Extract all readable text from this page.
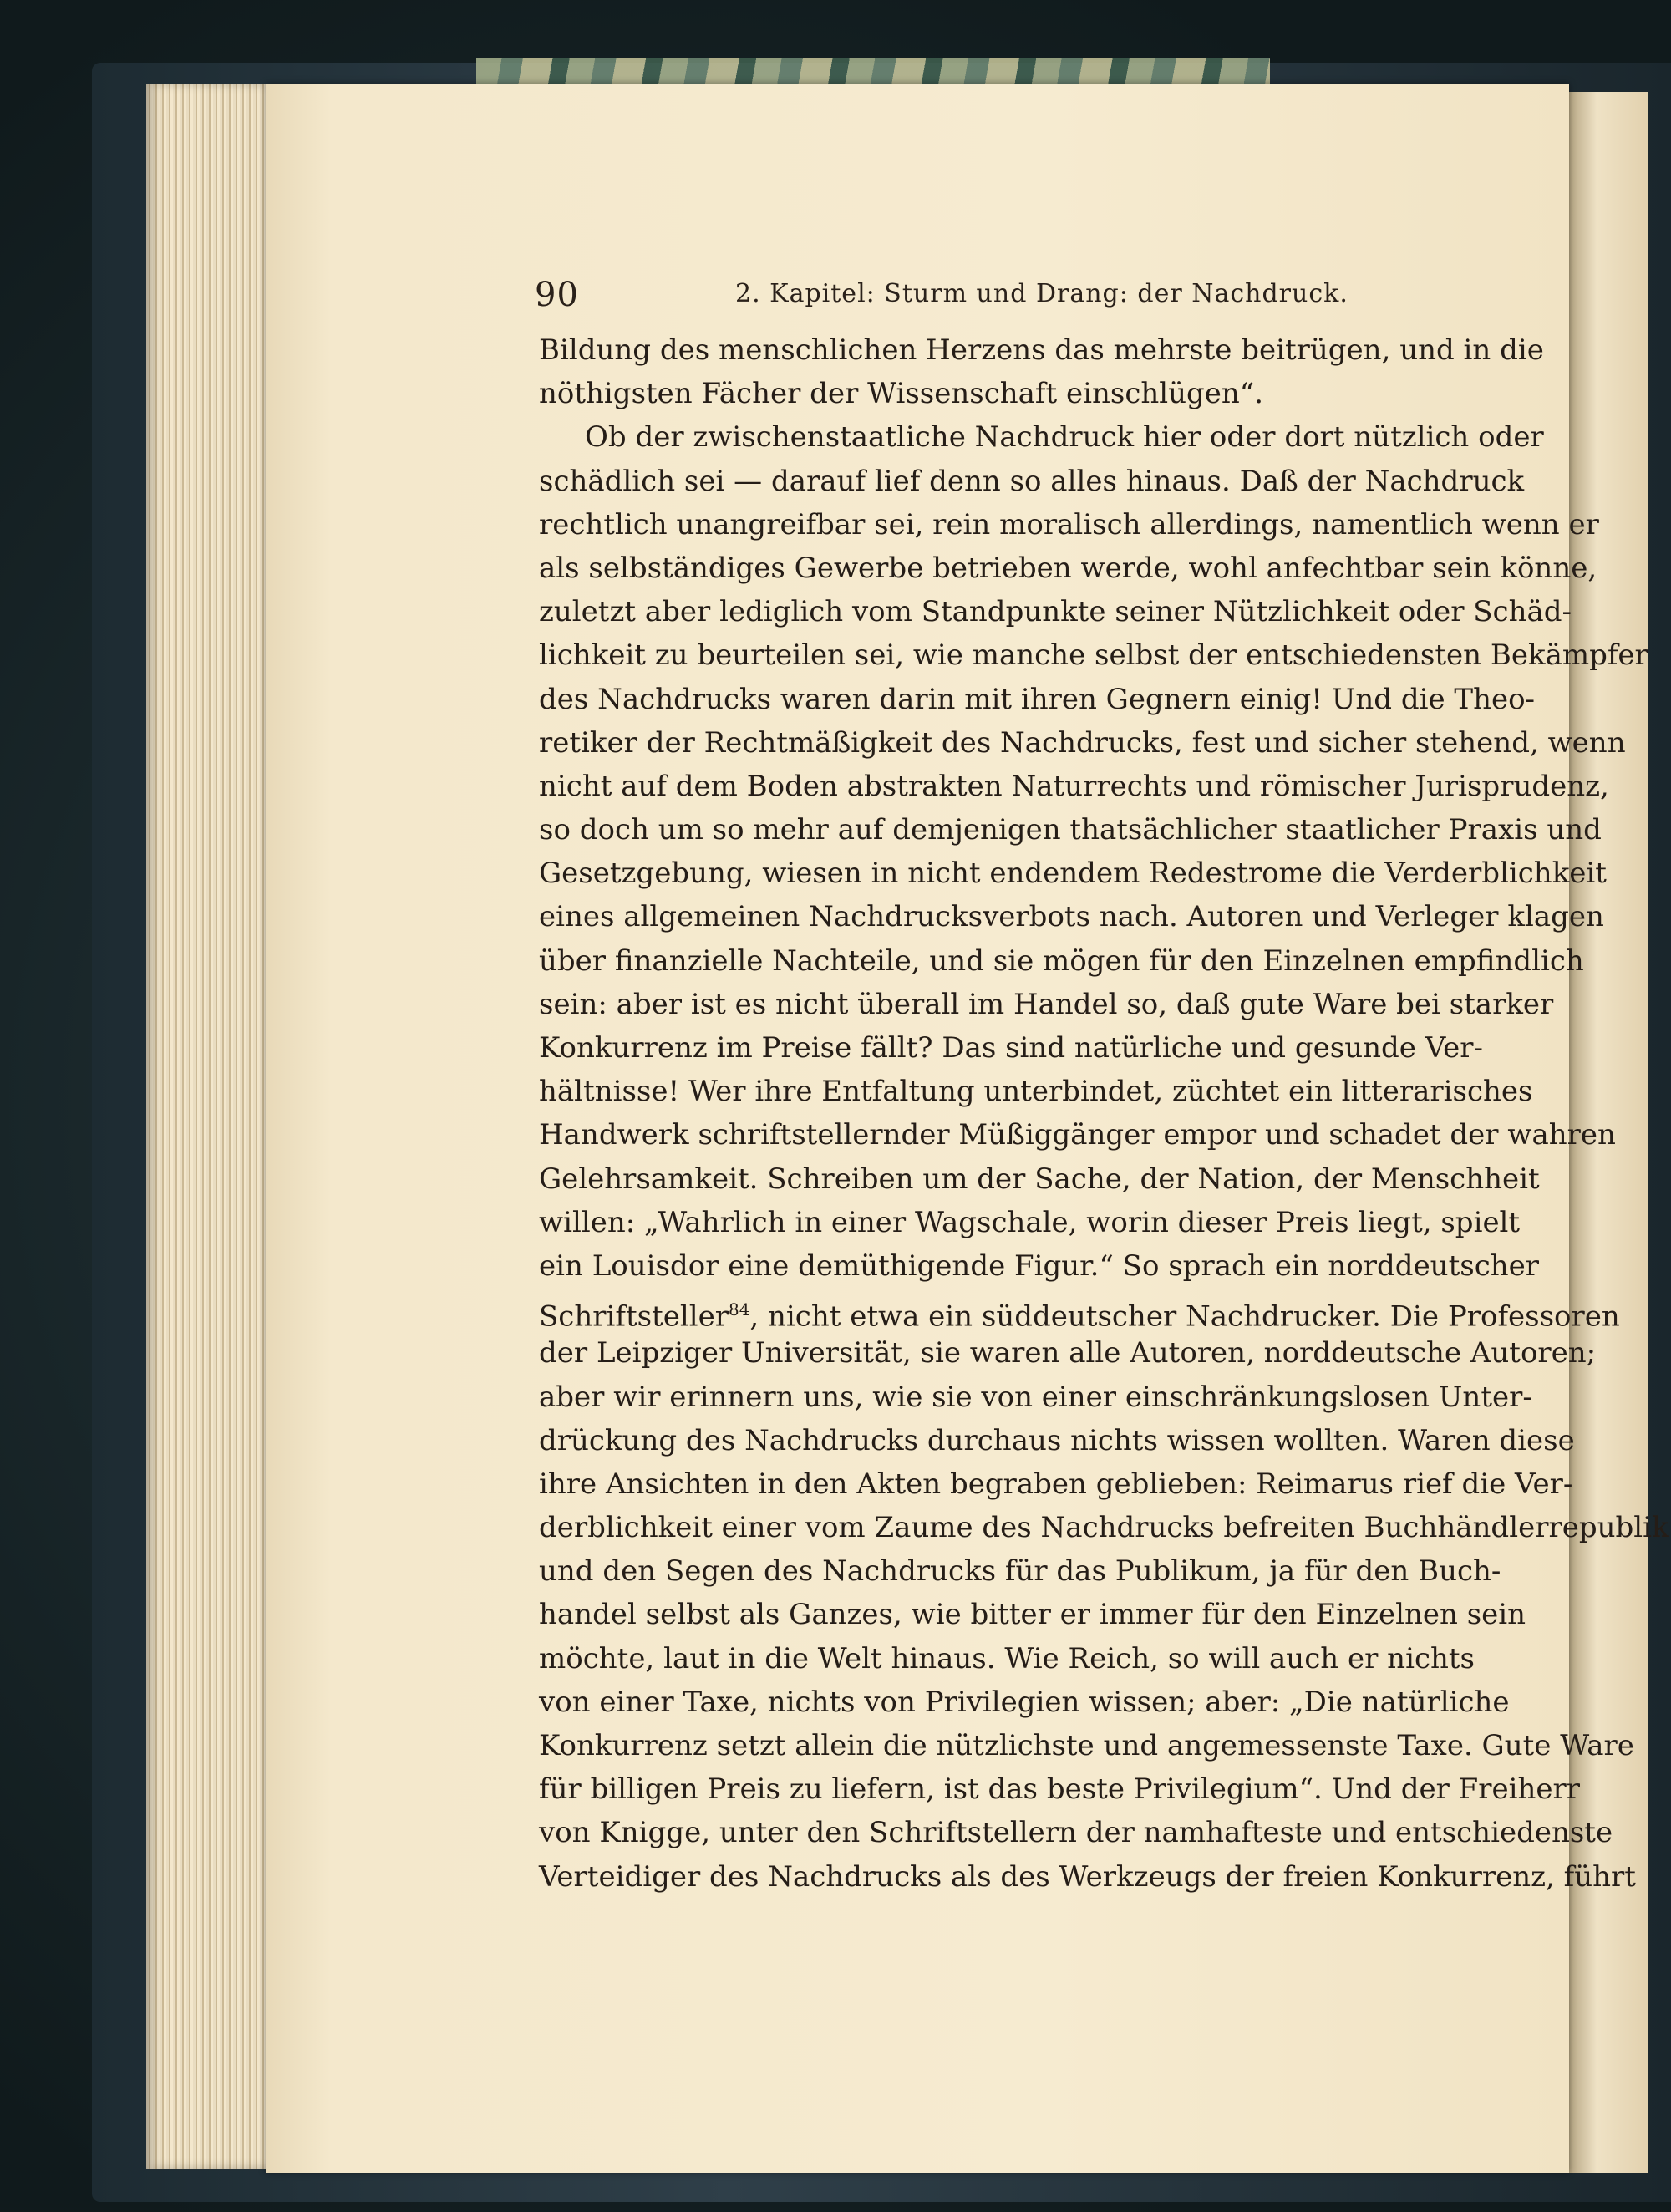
90	2. Kapitel: Sturm und Drang: der Nachdruck.
Bildung des menschlichen Herzens das mehrste beitrügen, und in die
nöthigsten Fächer der Wissenschaft einschlügen“.
Ob der zwischenstaatliche Nachdruck hier oder dort nützlich oder
schädlich sei — darauf lief denn so alles hinaus. Daß der Nachdruck
rechtlich unangreifbar sei, rein moralisch allerdings, namentlich wenn er
als selbständiges Gewerbe betrieben werde, wohl anfechtbar sein könne,
zuletzt aber lediglich vom Standpunkte seiner Nützlichkeit oder Schäd-
lichkeit zu beurteilen sei, wie manche selbst der entschiedensten Bekämpfer
des Nachdrucks waren darin mit ihren Gegnern einig! Und die Theo-
retiker der Rechtmäßigkeit des Nachdrucks, fest und sicher stehend, wenn
nicht auf dem Boden abstrakten Naturrechts und römischer Jurisprudenz,
so doch um so mehr auf demjenigen thatsächlicher staatlicher Praxis und
Gesetzgebung, wiesen in nicht endendem Redestrome die Verderblichkeit
eines allgemeinen Nachdrucksverbots nach. Autoren und Verleger klagen
über finanzielle Nachteile, und sie mögen für den Einzelnen empfindlich
sein: aber ist es nicht überall im Handel so, daß gute Ware bei starker
Konkurrenz im Preise fällt? Das sind natürliche und gesunde Ver-
hältnisse! Wer ihre Entfaltung unterbindet, züchtet ein litterarisches
Handwerk schriftstellernder Müßiggänger empor und schadet der wahren
Gelehrsamkeit. Schreiben um der Sache, der Nation, der Menschheit
willen: „Wahrlich in einer Wagschale, worin dieser Preis liegt, spielt
ein Louisdor eine demüthigende Figur.“ So sprach ein norddeutscher
Schriftsteller$^{84}$, nicht etwa ein süddeutscher Nachdrucker. Die Professoren
der Leipziger Universität, sie waren alle Autoren, norddeutsche Autoren;
aber wir erinnern uns, wie sie von einer einschränkungslosen Unter-
drückung des Nachdrucks durchaus nichts wissen wollten. Waren diese
ihre Ansichten in den Akten begraben geblieben: Reimarus rief die Ver-
derblichkeit einer vom Zaume des Nachdrucks befreiten Buchhändlerrepublik
und den Segen des Nachdrucks für das Publikum, ja für den Buch-
handel selbst als Ganzes, wie bitter er immer für den Einzelnen sein
möchte, laut in die Welt hinaus. Wie Reich, so will auch er nichts
von einer Taxe, nichts von Privilegien wissen; aber: „Die natürliche
Konkurrenz setzt allein die nützlichste und angemessenste Taxe. Gute Ware
für billigen Preis zu liefern, ist das beste Privilegium“. Und der Freiherr
von Knigge, unter den Schriftstellern der namhafteste und entschiedenste
Verteidiger des Nachdrucks als des Werkzeugs der freien Konkurrenz, führt
